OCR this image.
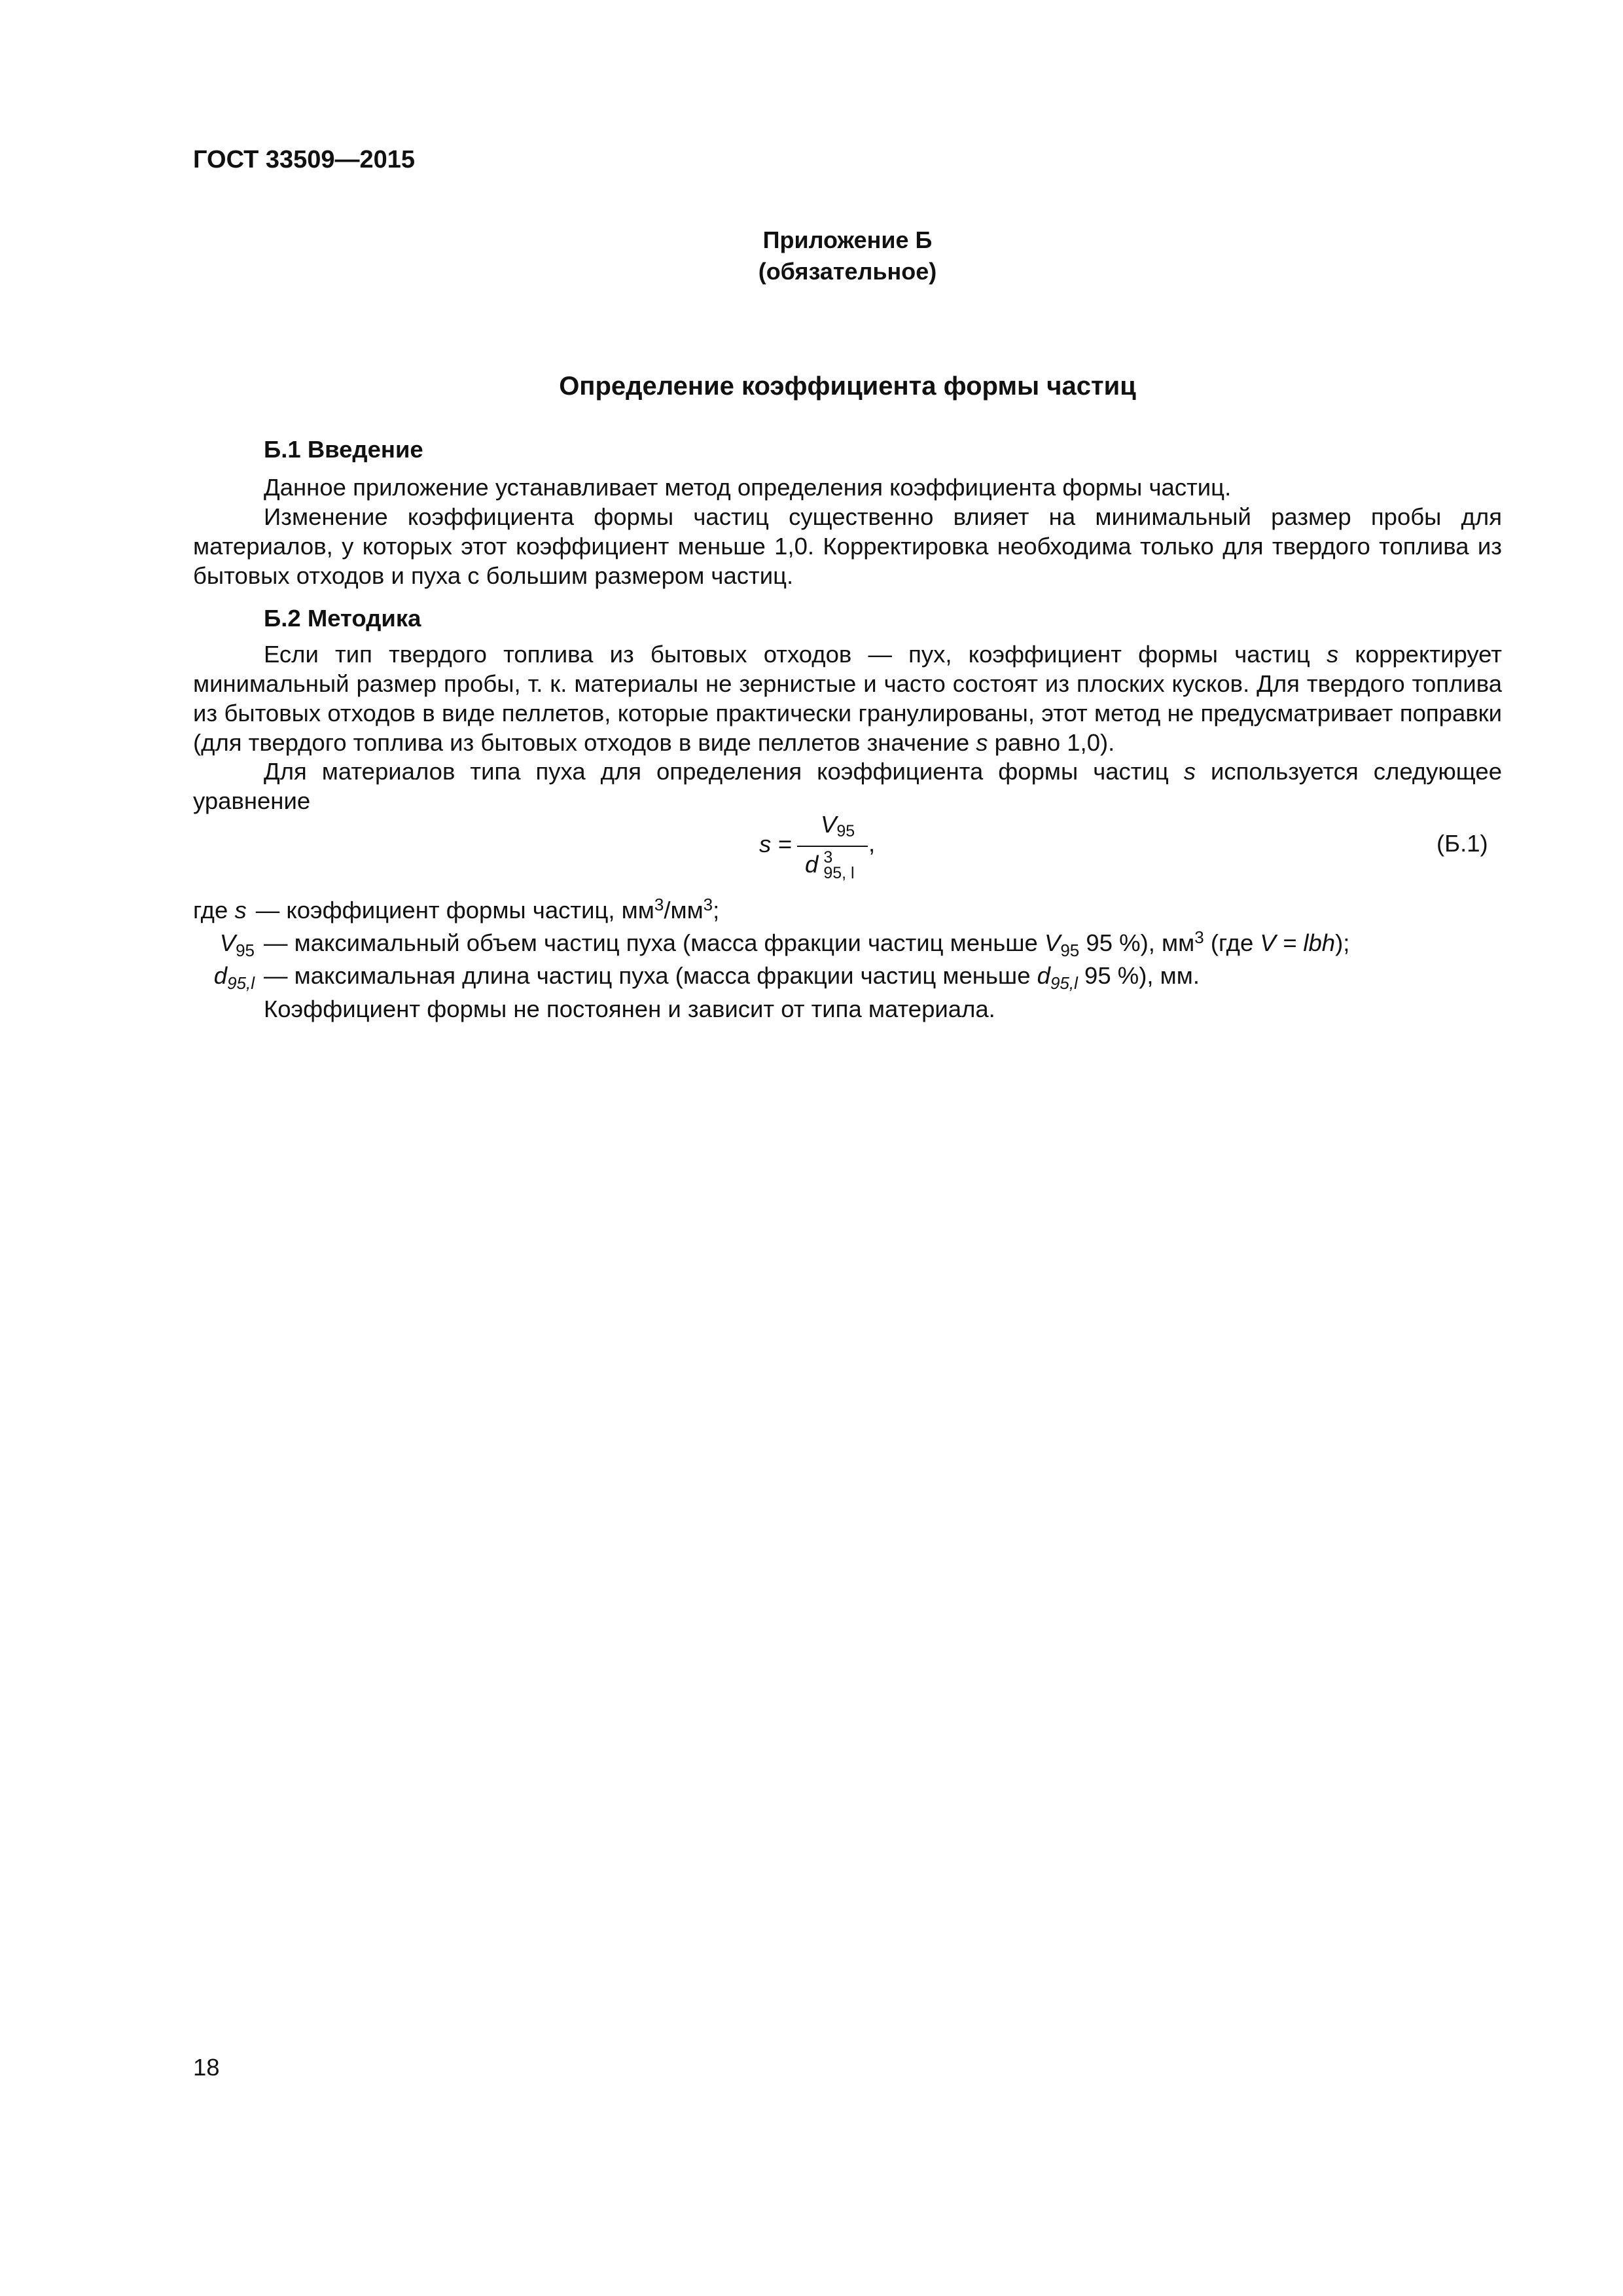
ГОСТ 33509—2015
Приложение Б
(обязательное)
Определение коэффициента формы частиц
Б.1 Введение
Данное приложение устанавливает метод определения коэффициента формы частиц.
Изменение коэффициента формы частиц существенно влияет на минимальный размер пробы для материалов, у которых этот коэффициент меньше 1,0. Корректировка необходима только для твердого топлива из бытовых отходов и пуха с большим размером частиц.
Б.2 Методика
Если тип твердого топлива из бытовых отходов — пух, коэффициент формы частиц s корректирует минимальный размер пробы, т. к. материалы не зернистые и часто состоят из плоских кусков. Для твердого топлива из бытовых отходов в виде пеллетов, которые практически гранулированы, этот метод не предусматривает поправки (для твердого топлива из бытовых отходов в виде пеллетов значение s равно 1,0).
Для материалов типа пуха для определения коэффициента формы частиц s используется следующее уравнение
s =
$V_{95}$
d 3
95, l
,	(Б.1)
где s — коэффициент формы частиц, $мм^3/мм^3$;
$V_{95}$ — максимальный объем частиц пуха (масса фракции частиц меньше $V_{95}$ 95 %), $мм^3$ (где V = lbh);
$d_{95,l}$ — максимальная длина частиц пуха (масса фракции частиц меньше $d_{95,l}$ 95 %), мм.
Коэффициент формы не постоянен и зависит от типа материала.
18
